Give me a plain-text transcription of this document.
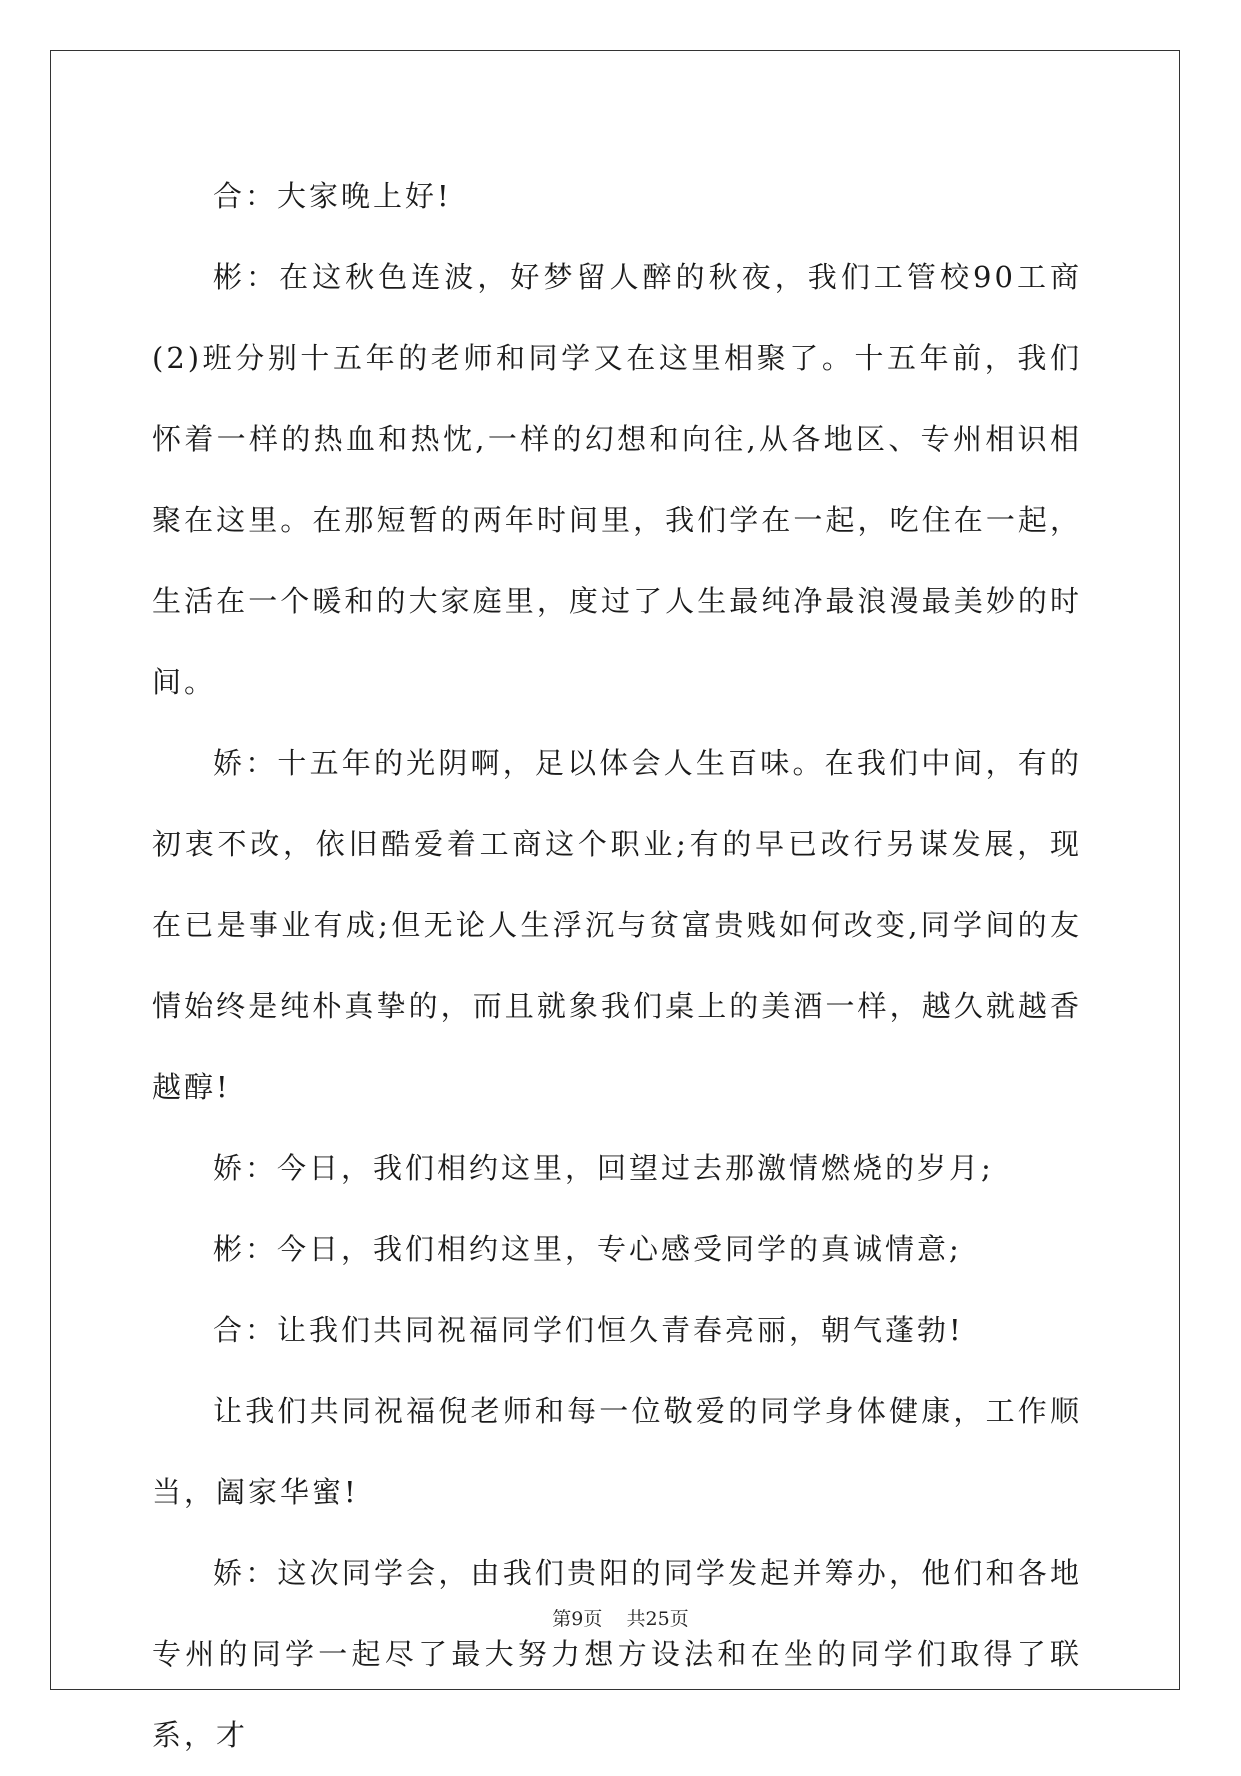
合：大家晚上好!

彬：在这秋色连波，好梦留人醉的秋夜，我们工管校90工商(2)班分别十五年的老师和同学又在这里相聚了。十五年前，我们怀着一样的热血和热忱,一样的幻想和向往,从各地区、专州相识相聚在这里。在那短暂的两年时间里，我们学在一起，吃住在一起，生活在一个暖和的大家庭里，度过了人生最纯净最浪漫最美妙的时间。

娇：十五年的光阴啊，足以体会人生百味。在我们中间，有的初衷不改，依旧酷爱着工商这个职业;有的早已改行另谋发展，现在已是事业有成;但无论人生浮沉与贫富贵贱如何改变,同学间的友情始终是纯朴真挚的，而且就象我们桌上的美酒一样，越久就越香越醇!

娇：今日，我们相约这里，回望过去那激情燃烧的岁月;

彬：今日，我们相约这里，专心感受同学的真诚情意;

合：让我们共同祝福同学们恒久青春亮丽，朝气蓬勃!

让我们共同祝福倪老师和每一位敬爱的同学身体健康，工作顺当，阖家华蜜!

娇：这次同学会，由我们贵阳的同学发起并筹办，他们和各地专州的同学一起尽了最大努力想方设法和在坐的同学们取得了联系，才

第9页 共25页
